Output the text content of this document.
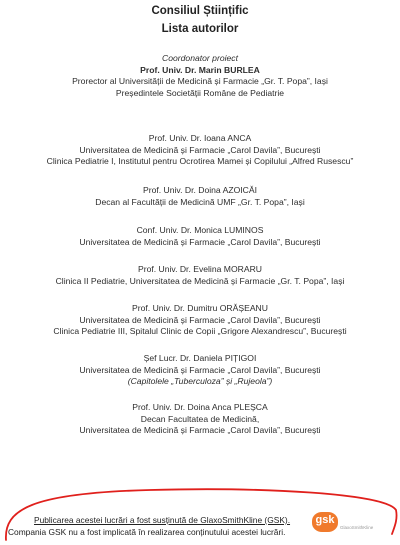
Consiliul Științific
Lista autorilor
Coordonator proiect
Prof. Univ. Dr. Marin BURLEA
Prorector al Universității de Medicină și Farmacie „Gr. T. Popa”, Iași
Președintele Societății Române de Pediatrie
Prof. Univ. Dr. Ioana ANCA
Universitatea de Medicină și Farmacie „Carol Davila”, București
Clinica Pediatrie I, Institutul pentru Ocrotirea Mamei și Copilului „Alfred Rusescu”
Prof. Univ. Dr. Doina AZOICĂI
Decan al Facultății de Medicină UMF „Gr. T. Popa”, Iași
Conf. Univ. Dr. Monica LUMINOS
Universitatea de Medicină și Farmacie „Carol Davila”, București
Prof. Univ. Dr. Evelina MORARU
Clinica II Pediatrie, Universitatea de Medicină și Farmacie „Gr. T. Popa”, Iași
Prof. Univ. Dr. Dumitru ORĂȘEANU
Universitatea de Medicină și Farmacie „Carol Davila”, București
Clinica Pediatrie III, Spitalul Clinic de Copii „Grigore Alexandrescu”, București
Șef Lucr. Dr. Daniela PIȚIGOI
Universitatea de Medicină și Farmacie „Carol Davila”, București
(Capitolele „Tuberculoza” și „Rujeola”)
Prof. Univ. Dr. Doina Anca PLEȘCA
Decan Facultatea de Medicină,
Universitatea de Medicină și Farmacie „Carol Davila”, București
Publicarea acestei lucrări a fost susținută de GlaxoSmithKline (GSK).
Compania GSK nu a fost implicată în realizarea conținutului acestei lucrări.
gsk
GlaxoSmithKline
